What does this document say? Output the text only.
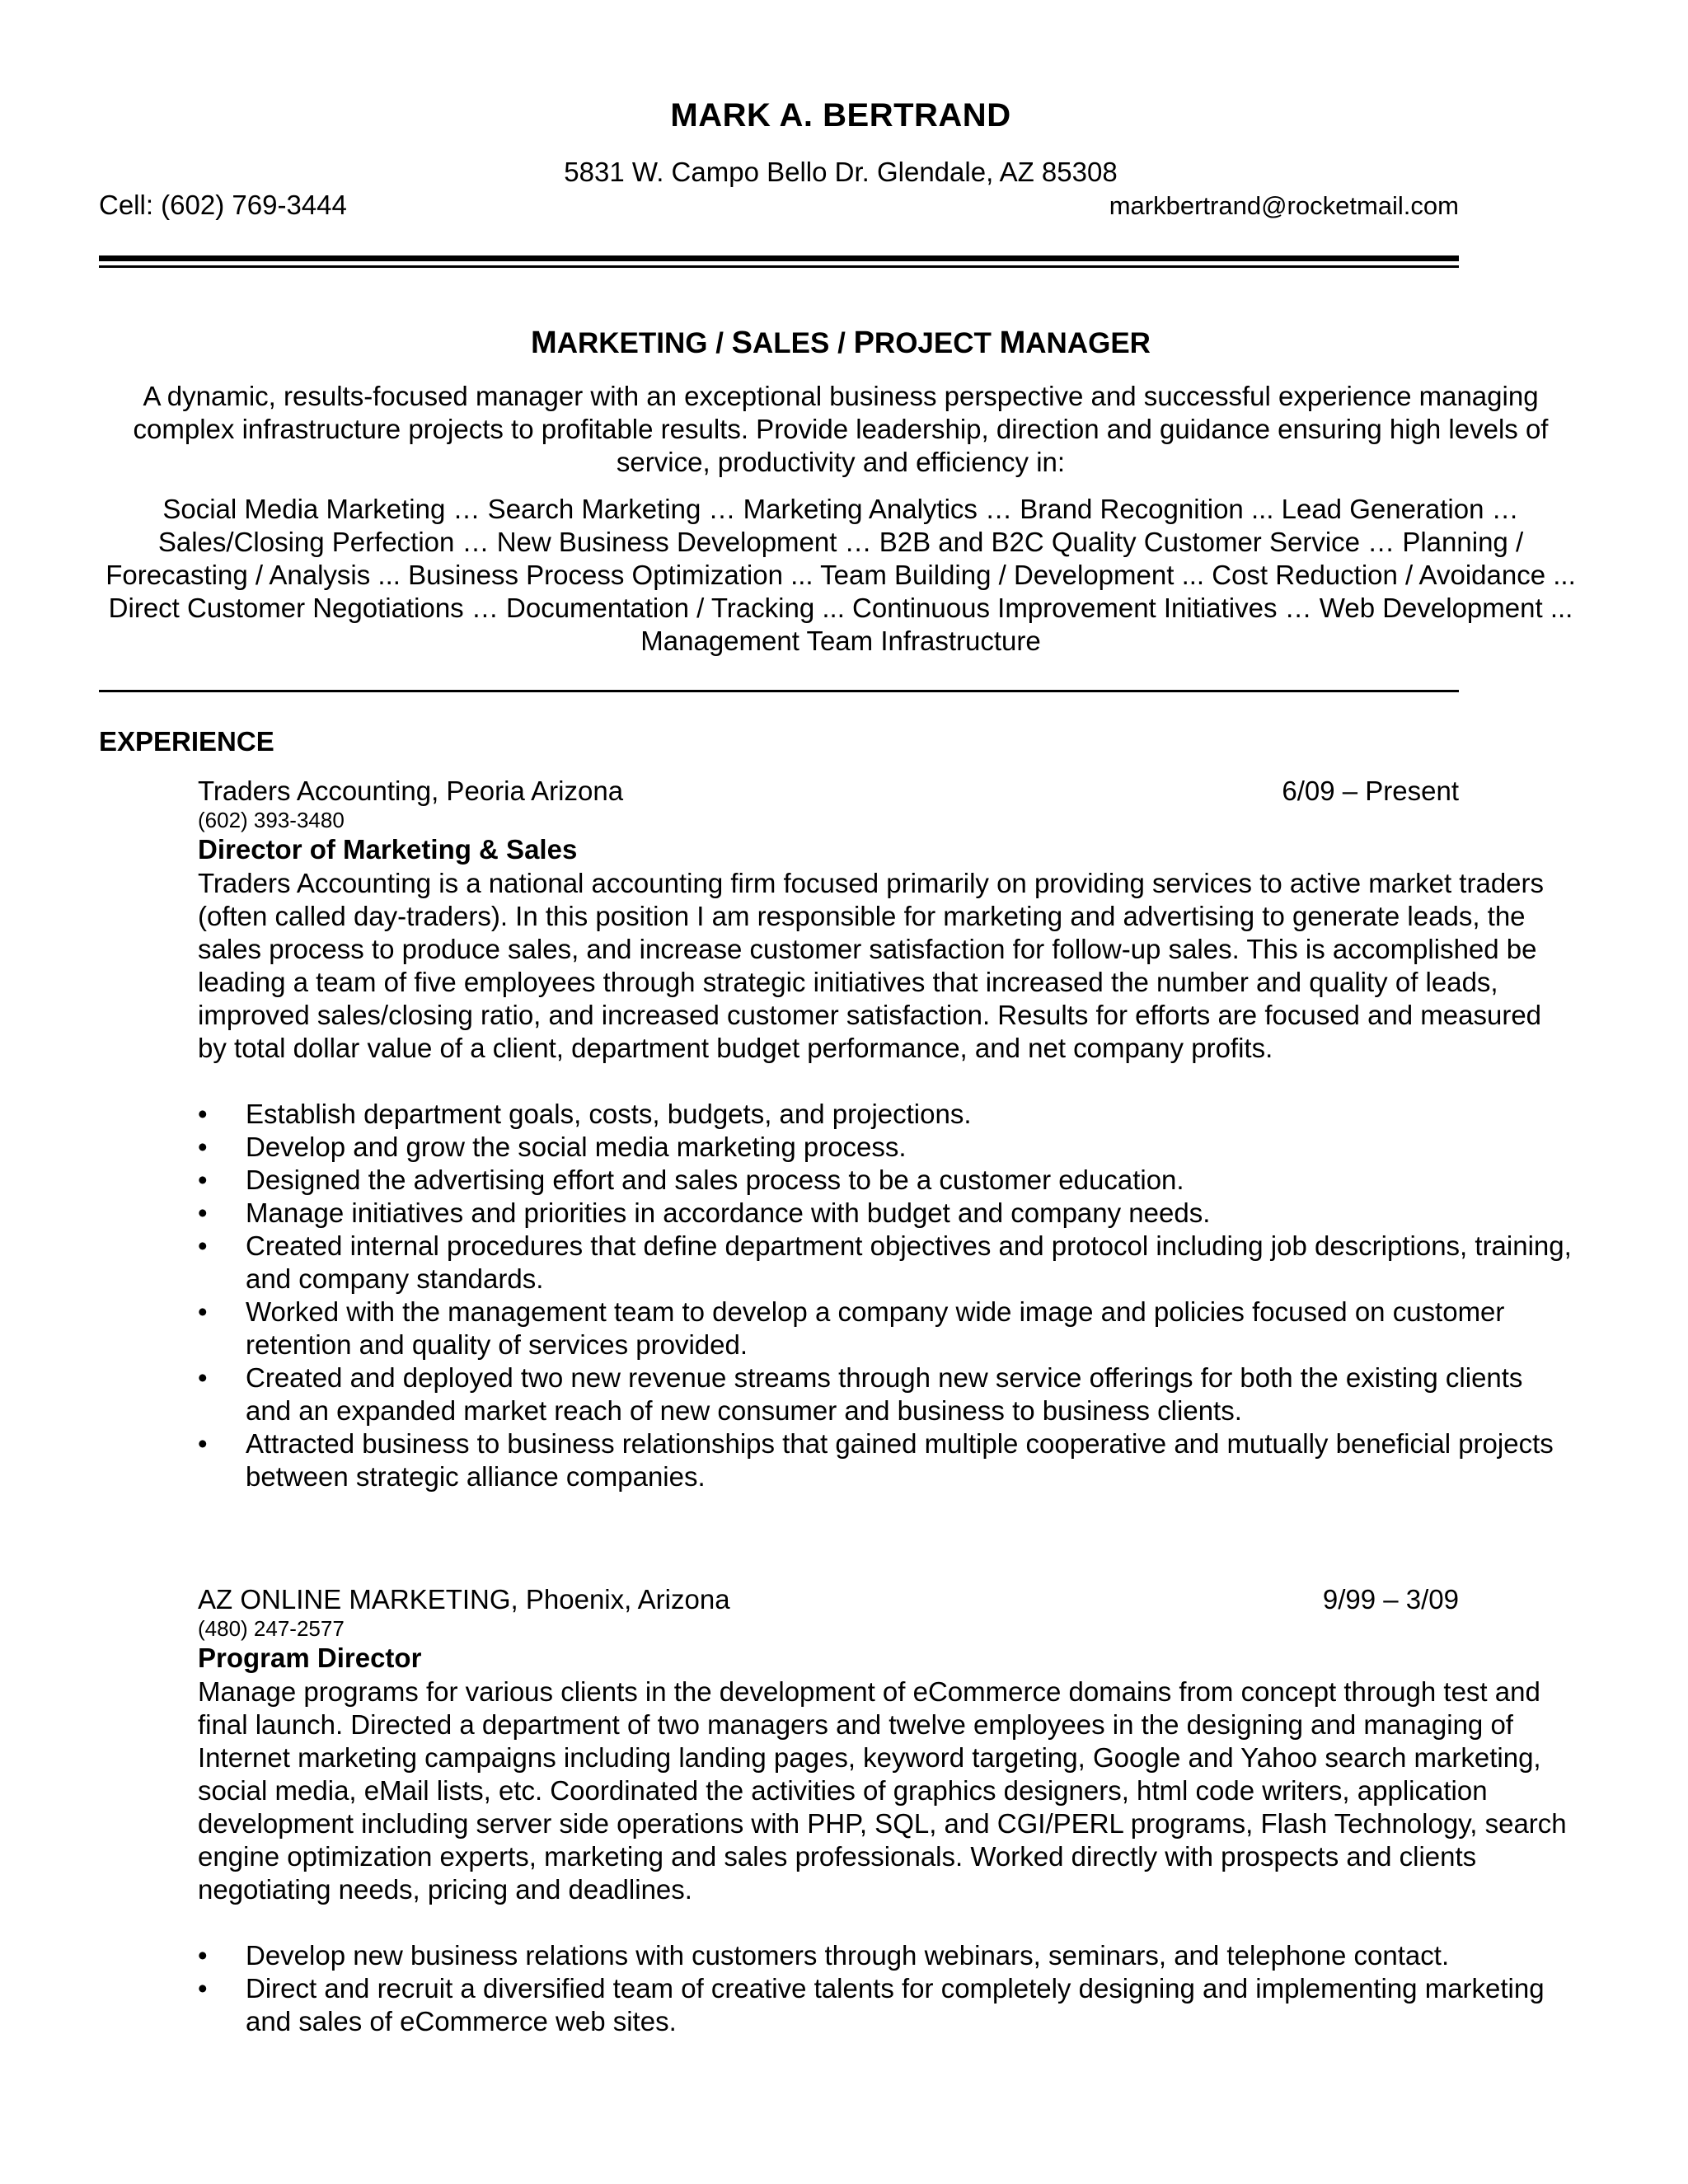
MARK A. BERTRAND
5831 W. Campo Bello Dr. Glendale, AZ 85308
Cell: (602) 769-3444	markbertrand@rocketmail.com
MARKETING / SALES / PROJECT MANAGER
A dynamic, results-focused manager with an exceptional business perspective and successful experience managing complex infrastructure projects to profitable results. Provide leadership, direction and guidance ensuring high levels of service, productivity and efficiency in:
Social Media Marketing … Search Marketing … Marketing Analytics … Brand Recognition ... Lead Generation … Sales/Closing Perfection … New Business Development … B2B and B2C Quality Customer Service … Planning / Forecasting / Analysis ... Business Process Optimization ... Team Building / Development ... Cost Reduction / Avoidance ... Direct Customer Negotiations … Documentation / Tracking ... Continuous Improvement Initiatives … Web Development ... Management Team Infrastructure
EXPERIENCE
Traders Accounting, Peoria Arizona	6/09 – Present
(602) 393-3480
Director of Marketing & Sales

Traders Accounting is a national accounting firm focused primarily on providing services to active market traders (often called day-traders). In this position I am responsible for marketing and advertising to generate leads, the sales process to produce sales, and increase customer satisfaction for follow-up sales. This is accomplished be leading a team of five employees through strategic initiatives that increased the number and quality of leads, improved sales/closing ratio, and increased customer satisfaction. Results for efforts are focused and measured by total dollar value of a client, department budget performance, and net company profits.

• Establish department goals, costs, budgets, and projections.
• Develop and grow the social media marketing process.
• Designed the advertising effort and sales process to be a customer education.
• Manage initiatives and priorities in accordance with budget and company needs.
• Created internal procedures that define department objectives and protocol including job descriptions, training, and company standards.
• Worked with the management team to develop a company wide image and policies focused on customer retention and quality of services provided.
• Created and deployed two new revenue streams through new service offerings for both the existing clients and an expanded market reach of new consumer and business to business clients.
• Attracted business to business relationships that gained multiple cooperative and mutually beneficial projects between strategic alliance companies.
AZ ONLINE MARKETING, Phoenix, Arizona	9/99 – 3/09
(480) 247-2577
Program Director

Manage programs for various clients in the development of eCommerce domains from concept through test and final launch. Directed a department of two managers and twelve employees in the designing and managing of Internet marketing campaigns including landing pages, keyword targeting, Google and Yahoo search marketing, social media, eMail lists, etc. Coordinated the activities of graphics designers, html code writers, application development including server side operations with PHP, SQL, and CGI/PERL programs, Flash Technology, search engine optimization experts, marketing and sales professionals. Worked directly with prospects and clients negotiating needs, pricing and deadlines.

• Develop new business relations with customers through webinars, seminars, and telephone contact.
• Direct and recruit a diversified team of creative talents for completely designing and implementing marketing and sales of eCommerce web sites.
